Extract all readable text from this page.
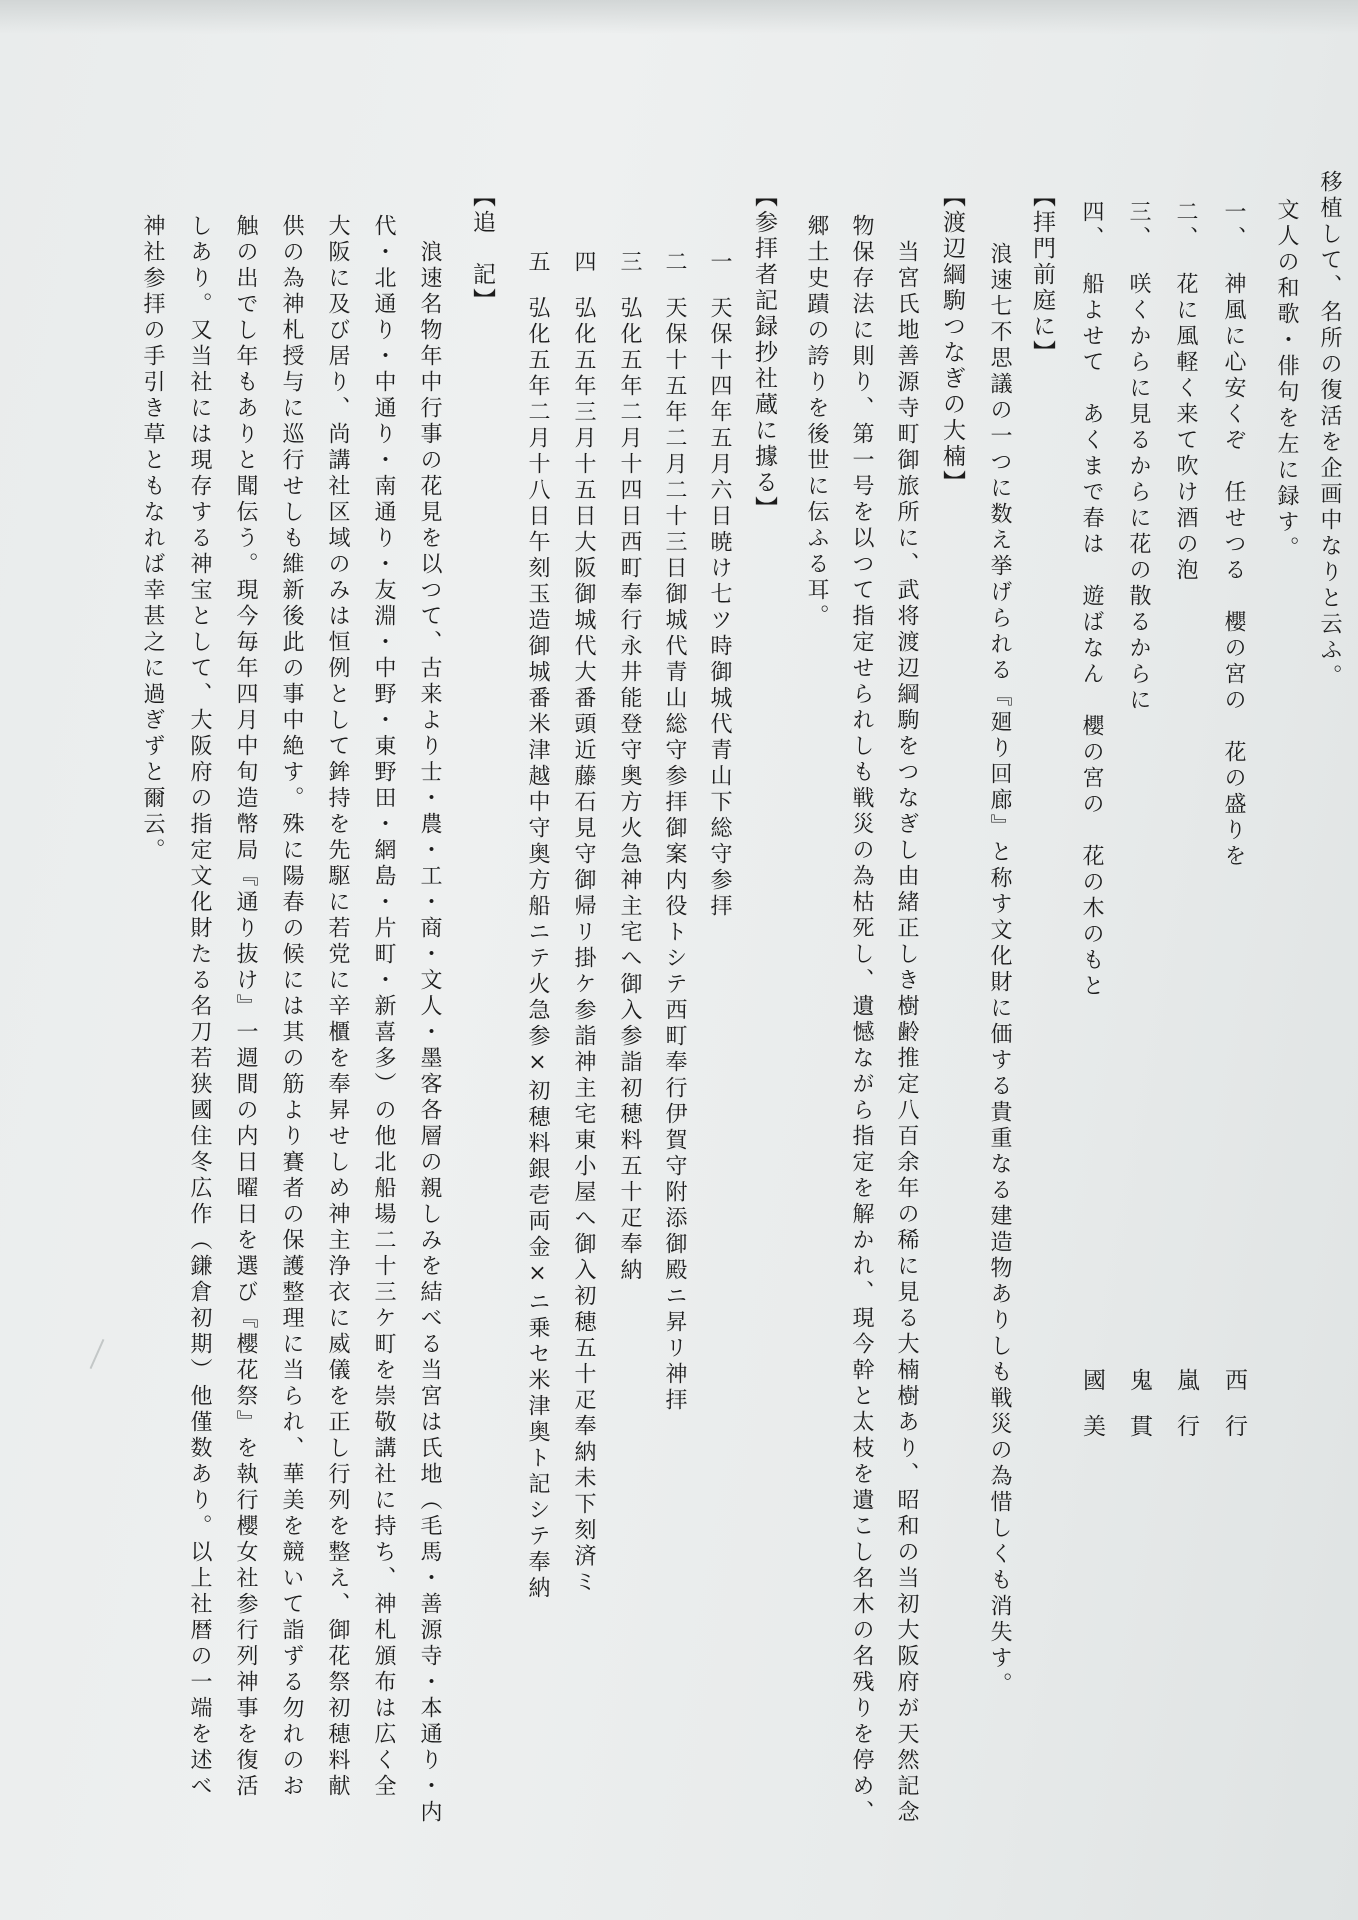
移植して、名所の復活を企画中なりと云ふ。
文人の和歌・俳句を左に録す。
一、
神風に心安くぞ　任せつる　櫻の宮の　花の盛りを
西　行
二、
花に風軽く来て吹け酒の泡
嵐　行
三、
咲くからに見るからに花の散るからに
鬼　貫
四、
船よせて　あくまで春は　遊ばなん　櫻の宮の　花の木のもと
國　美
【拝門前庭に】
浪速七不思議の一つに数え挙げられる『廻り回廊』と称す文化財に価する貴重なる建造物ありしも戦災の為惜しくも消失す。
【渡辺綱駒つなぎの大楠】
当宮氏地善源寺町御旅所に、武将渡辺綱駒をつなぎし由緒正しき樹齢推定八百余年の稀に見る大楠樹あり、昭和の当初大阪府が天然記念
物保存法に則り、第一号を以つて指定せられしも戦災の為枯死し、遺憾ながら指定を解かれ、現今幹と太枝を遺こし名木の名残りを停め、
郷土史蹟の誇りを後世に伝ふる耳。
【参拝者記録抄社蔵に據る】
一
天保十四年五月六日暁け七ツ時御城代青山下総守参拝
二
天保十五年二月二十三日御城代青山総守参拝御案内役トシテ西町奉行伊賀守附添御殿ニ昇リ神拝
三
弘化五年二月十四日西町奉行永井能登守奥方火急神主宅へ御入参詣初穂料五十疋奉納
四
弘化五年三月十五日大阪御城代大番頭近藤石見守御帰リ掛ケ参詣神主宅東小屋へ御入初穂五十疋奉納未下刻済ミ
五
弘化五年二月十八日午刻玉造御城番米津越中守奥方船ニテ火急参×初穂料銀壱両金×ニ乗セ米津奥ト記シテ奉納
【追　記】
浪速名物年中行事の花見を以つて、古来より士・農・工・商・文人・墨客各層の親しみを結べる当宮は氏地（毛馬・善源寺・本通り・内
代・北通り・中通り・南通り・友淵・中野・東野田・網島・片町・新喜多）の他北船場二十三ケ町を崇敬講社に持ち、神札頒布は広く全
大阪に及び居り、尚講社区域のみは恒例として鉾持を先駆に若党に辛櫃を奉昇せしめ神主浄衣に威儀を正し行列を整え、御花祭初穂料献
供の為神札授与に巡行せしも維新後此の事中絶す。殊に陽春の候には其の筋より賽者の保護整理に当られ、華美を競いて詣ずる勿れのお
触の出でし年もありと聞伝う。現今毎年四月中旬造幣局『通り抜け』一週間の内日曜日を選び『櫻花祭』を執行櫻女社参行列神事を復活
しあり。又当社には現存する神宝として、大阪府の指定文化財たる名刀若狭國住冬広作（鎌倉初期）他僅数あり。以上社暦の一端を述べ
神社参拝の手引き草ともなれば幸甚之に過ぎずと爾云。
